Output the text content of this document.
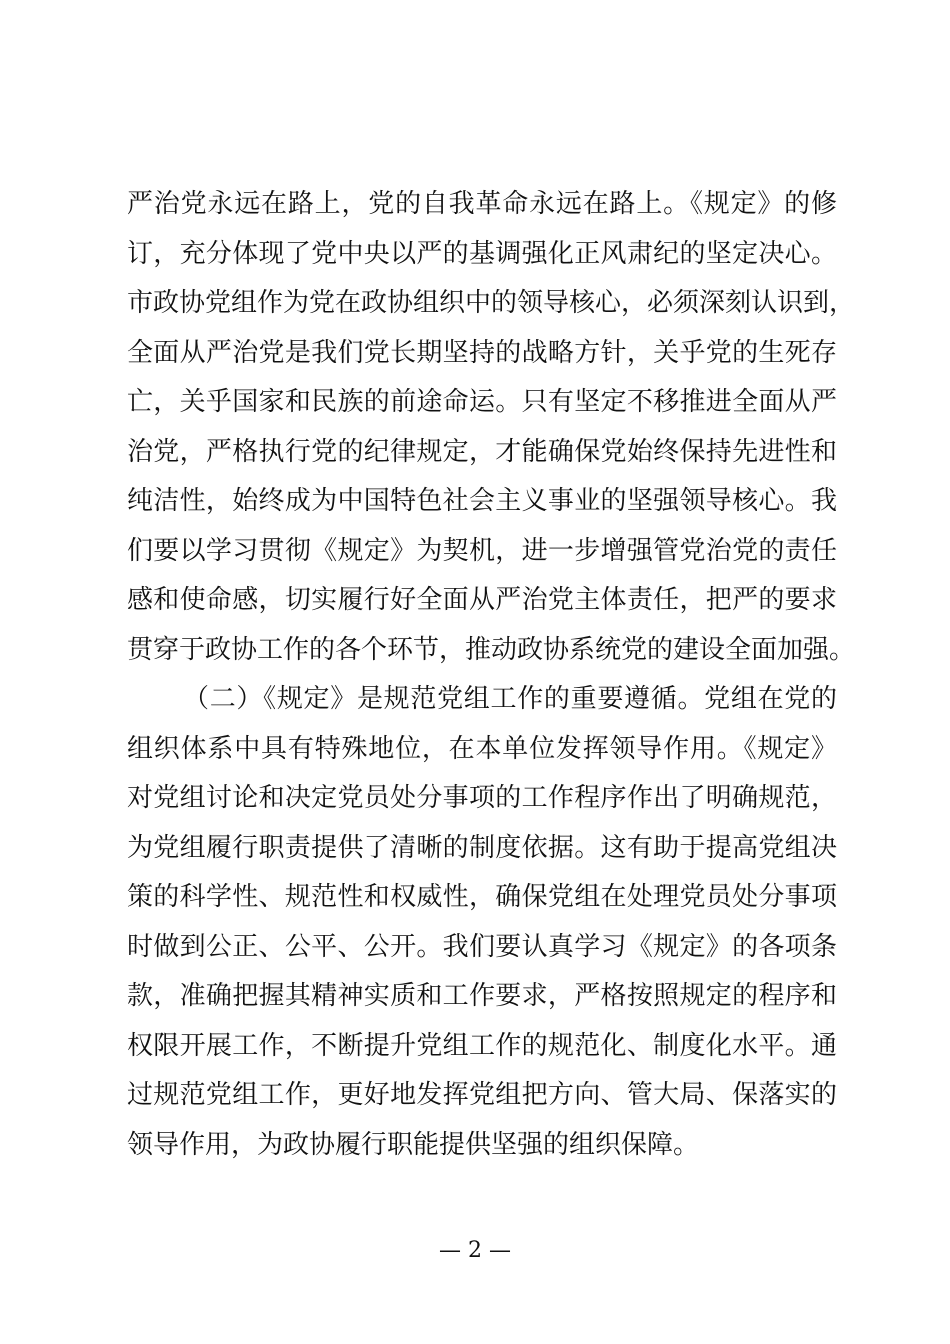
严治党永远在路上，党的自我革命永远在路上。《规定》的修
订，充分体现了党中央以严的基调强化正风肃纪的坚定决心。
市政协党组作为党在政协组织中的领导核心，必须深刻认识到，
全面从严治党是我们党长期坚持的战略方针，关乎党的生死存
亡，关乎国家和民族的前途命运。只有坚定不移推进全面从严
治党，严格执行党的纪律规定，才能确保党始终保持先进性和
纯洁性，始终成为中国特色社会主义事业的坚强领导核心。我
们要以学习贯彻《规定》为契机，进一步增强管党治党的责任
感和使命感，切实履行好全面从严治党主体责任，把严的要求
贯穿于政协工作的各个环节，推动政协系统党的建设全面加强。
（二）《规定》是规范党组工作的重要遵循。党组在党的
组织体系中具有特殊地位，在本单位发挥领导作用。《规定》
对党组讨论和决定党员处分事项的工作程序作出了明确规范，
为党组履行职责提供了清晰的制度依据。这有助于提高党组决
策的科学性、规范性和权威性，确保党组在处理党员处分事项
时做到公正、公平、公开。我们要认真学习《规定》的各项条
款，准确把握其精神实质和工作要求，严格按照规定的程序和
权限开展工作，不断提升党组工作的规范化、制度化水平。通
过规范党组工作，更好地发挥党组把方向、管大局、保落实的
领导作用，为政协履行职能提供坚强的组织保障。
— 2 —
